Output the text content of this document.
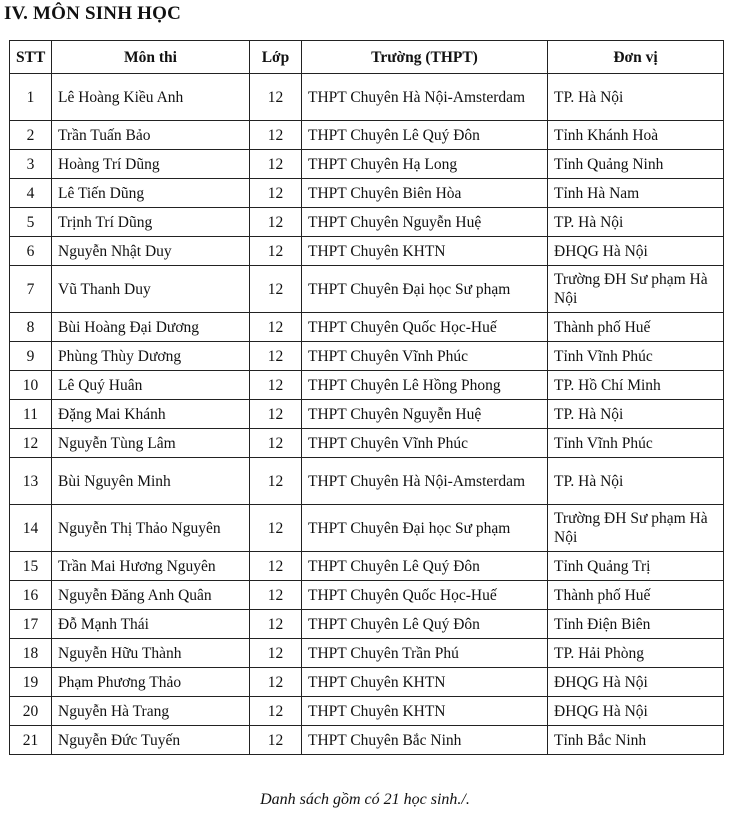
IV. MÔN SINH HỌC
STT	Môn thi	Lớp	Trường (THPT)	Đơn vị
1	Lê Hoàng Kiều Anh	12	THPT Chuyên Hà Nội-Amsterdam	TP. Hà Nội
2	Trần Tuấn Bảo	12	THPT Chuyên Lê Quý Đôn	Tỉnh Khánh Hoà
3	Hoàng Trí Dũng	12	THPT Chuyên Hạ Long	Tỉnh Quảng Ninh
4	Lê Tiến Dũng	12	THPT Chuyên Biên Hòa	Tỉnh Hà Nam
5	Trịnh Trí Dũng	12	THPT Chuyên Nguyễn Huệ	TP. Hà Nội
6	Nguyễn Nhật Duy	12	THPT Chuyên KHTN	ĐHQG Hà Nội
7	Vũ Thanh Duy	12	THPT Chuyên Đại học Sư phạm	Trường ĐH Sư phạm Hà Nội
8	Bùi Hoàng Đại Dương	12	THPT Chuyên Quốc Học-Huế	Thành phố Huế
9	Phùng Thùy Dương	12	THPT Chuyên Vĩnh Phúc	Tỉnh Vĩnh Phúc
10	Lê Quý Huân	12	THPT Chuyên Lê Hồng Phong	TP. Hồ Chí Minh
11	Đặng Mai Khánh	12	THPT Chuyên Nguyễn Huệ	TP. Hà Nội
12	Nguyễn Tùng Lâm	12	THPT Chuyên Vĩnh Phúc	Tỉnh Vĩnh Phúc
13	Bùi Nguyên Minh	12	THPT Chuyên Hà Nội-Amsterdam	TP. Hà Nội
14	Nguyễn Thị Thảo Nguyên	12	THPT Chuyên Đại học Sư phạm	Trường ĐH Sư phạm Hà Nội
15	Trần Mai Hương Nguyên	12	THPT Chuyên Lê Quý Đôn	Tỉnh Quảng Trị
16	Nguyễn Đăng Anh Quân	12	THPT Chuyên Quốc Học-Huế	Thành phố Huế
17	Đỗ Mạnh Thái	12	THPT Chuyên Lê Quý Đôn	Tỉnh Điện Biên
18	Nguyễn Hữu Thành	12	THPT Chuyên Trần Phú	TP. Hải Phòng
19	Phạm Phương Thảo	12	THPT Chuyên KHTN	ĐHQG Hà Nội
20	Nguyễn Hà Trang	12	THPT Chuyên KHTN	ĐHQG Hà Nội
21	Nguyễn Đức Tuyến	12	THPT Chuyên Bắc Ninh	Tỉnh Bắc Ninh
Danh sách gồm có 21 học sinh./.
